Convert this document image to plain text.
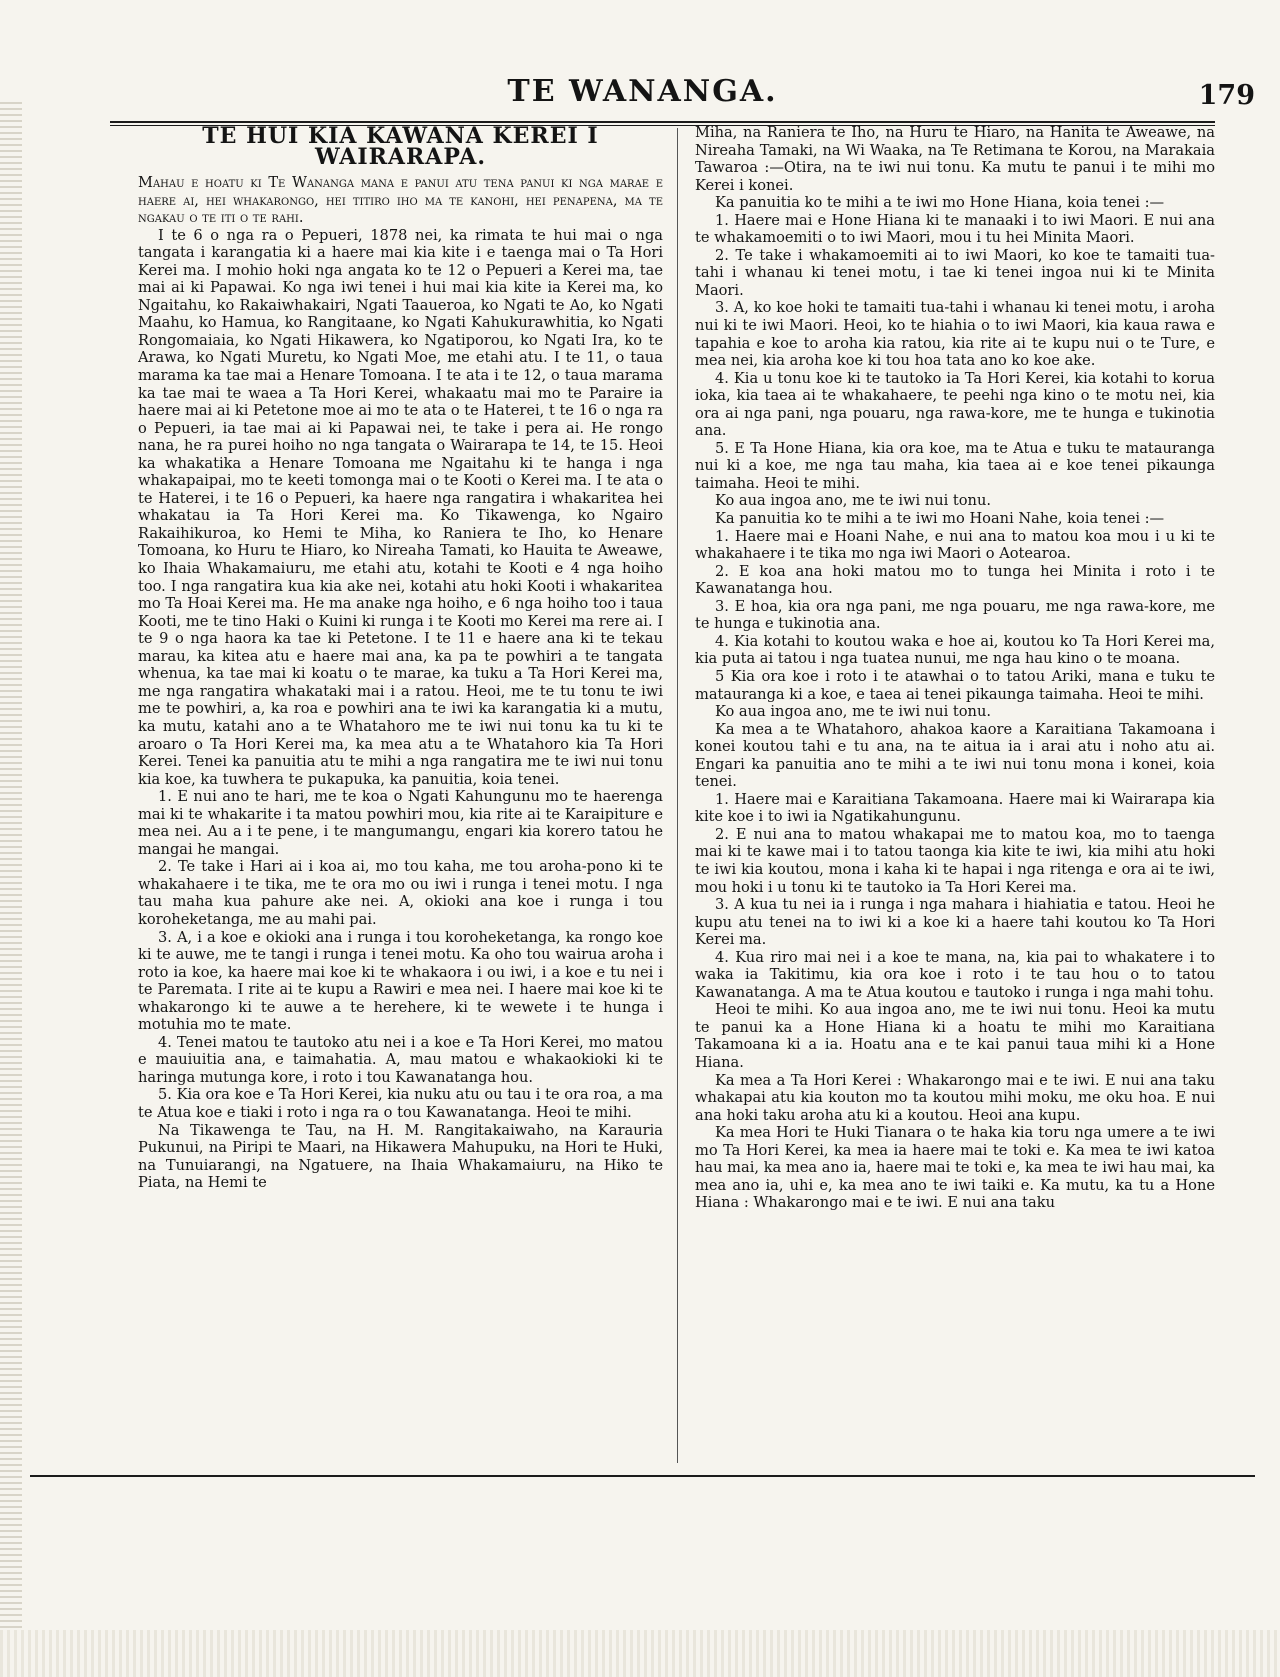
TE WANANGA.	179
TE HUI KIA KAWANA KEREI I WAIRARAPA.

Mahau e hoatu ki Te Wananga mana e panui atu tena panui ki nga marae e haere ai, hei whakarongo, hei titiro iho ma te kanohi, hei penapena, ma te ngakau o te iti o te rahi.

I te 6 o nga ra o Pepueri, 1878 nei, ka rimata te hui mai o nga tangata i karangatia ki a haere mai kia kite i e taenga mai o Ta Hori Kerei ma. I mohio hoki nga angata ko te 12 o Pepueri a Kerei ma, tae mai ai ki Papawai. Ko nga iwi tenei i hui mai kia kite ia Kerei ma, ko Ngaitahu, ko Rakaiwhakairi, Ngati Taaueroa, ko Ngati te Ao, ko Ngati Maahu, ko Hamua, ko Rangitaane, ko Ngati Kahukurawhitia, ko Ngati Rongomaiaia, ko Ngati Hikawera, ko Ngatiporou, ko Ngati Ira, ko te Arawa, ko Ngati Muretu, ko Ngati Moe, me etahi atu. I te 11, o taua marama ka tae mai a Henare Tomoana. I te ata i te 12, o taua marama ka tae mai te waea a Ta Hori Kerei, whakaatu mai mo te Paraire ia haere mai ai ki Petetone moe ai mo te ata o te Haterei, t te 16 o nga ra o Pepueri, ia tae mai ai ki Papawai nei, te take i pera ai. He rongo nana, he ra purei hoiho no nga tangata o Wairarapa te 14, te 15. Heoi ka whakatika a Henare Tomoana me Ngaitahu ki te hanga i nga whakapaipai, mo te keeti tomonga mai o te Kooti o Kerei ma. I te ata o te Haterei, i te 16 o Pepueri, ka haere nga rangatira i whakaritea hei whakatau ia Ta Hori Kerei ma. Ko Tikawenga, ko Ngairo Rakaihikuroa, ko Hemi te Miha, ko Raniera te Iho, ko Henare Tomoana, ko Huru te Hiaro, ko Nireaha Tamati, ko Hauita te Aweawe, ko Ihaia Whakamaiuru, me etahi atu, kotahi te Kooti e 4 nga hoiho too. I nga rangatira kua kia ake nei, kotahi atu hoki Kooti i whakaritea mo Ta Hoai Kerei ma. He ma anake nga hoiho, e 6 nga hoiho too i taua Kooti, me te tino Haki o Kuini ki runga i te Kooti mo Kerei ma rere ai. I te 9 o nga haora ka tae ki Petetone. I te 11 e haere ana ki te tekau marau, ka kitea atu e haere mai ana, ka pa te powhiri a te tangata whenua, ka tae mai ki koatu o te marae, ka tuku a Ta Hori Kerei ma, me nga rangatira whakataki mai i a ratou. Heoi, me te tu tonu te iwi me te powhiri, a, ka roa e powhiri ana te iwi ka karangatia ki a mutu, ka mutu, katahi ano a te Whatahoro me te iwi nui tonu ka tu ki te aroaro o Ta Hori Kerei ma, ka mea atu a te Whatahoro kia Ta Hori Kerei. Tenei ka panuitia atu te mihi a nga rangatira me te iwi nui tonu kia koe, ka tuwhera te pukapuka, ka panuitia, koia tenei.

1. E nui ano te hari, me te koa o Ngati Kahungunu mo te haerenga mai ki te whakarite i ta matou powhiri mou, kia rite ai te Karaipiture e mea nei. Au a i te pene, i te mangumangu, engari kia korero tatou he mangai he mangai.

2. Te take i Hari ai i koa ai, mo tou kaha, me tou aroha-pono ki te whakahaere i te tika, me te ora mo ou iwi i runga i tenei motu. I nga tau maha kua pahure ake nei. A, okioki ana koe i runga i tou koroheketanga, me au mahi pai.

3. A, i a koe e okioki ana i runga i tou koroheketanga, ka rongo koe ki te auwe, me te tangi i runga i tenei motu. Ka oho tou wairua aroha i roto ia koe, ka haere mai koe ki te whakaora i ou iwi, i a koe e tu nei i te Paremata. I rite ai te kupu a Rawiri e mea nei. I haere mai koe ki te whakarongo ki te auwe a te herehere, ki te wewete i te hunga i motuhia mo te mate.

4. Tenei matou te tautoko atu nei i a koe e Ta Hori Kerei, mo matou e mauiuitia ana, e taimahatia. A, mau matou e whakaokioki ki te haringa mutunga kore, i roto i tou Kawanatanga hou.

5. Kia ora koe e Ta Hori Kerei, kia nuku atu ou tau i te ora roa, a ma te Atua koe e tiaki i roto i nga ra o tou Kawanatanga. Heoi te mihi.

Na Tikawenga te Tau, na H. M. Rangitakaiwaho, na Karauria Pukunui, na Piripi te Maari, na Hikawera Mahupuku, na Hori te Huki, na Tunuiarangi, na Ngatuere, na Ihaia Whakamaiuru, na Hiko te Piata, na Hemi te

Miha, na Raniera te Iho, na Huru te Hiaro, na Hanita te Aweawe, na Nireaha Tamaki, na Wi Waaka, na Te Retimana te Korou, na Marakaia Tawaroa :—Otira, na te iwi nui tonu. Ka mutu te panui i te mihi mo Kerei i konei.

Ka panuitia ko te mihi a te iwi mo Hone Hiana, koia tenei :—

1. Haere mai e Hone Hiana ki te manaaki i to iwi Maori. E nui ana te whakamoemiti o to iwi Maori, mou i tu hei Minita Maori.

2. Te take i whakamoemiti ai to iwi Maori, ko koe te tamaiti tua-tahi i whanau ki tenei motu, i tae ki tenei ingoa nui ki te Minita Maori.

3. A, ko koe hoki te tamaiti tua-tahi i whanau ki tenei motu, i aroha nui ki te iwi Maori. Heoi, ko te hiahia o to iwi Maori, kia kaua rawa e tapahia e koe to aroha kia ratou, kia rite ai te kupu nui o te Ture, e mea nei, kia aroha koe ki tou hoa tata ano ko koe ake.

4. Kia u tonu koe ki te tautoko ia Ta Hori Kerei, kia kotahi to korua ioka, kia taea ai te whakahaere, te peehi nga kino o te motu nei, kia ora ai nga pani, nga pouaru, nga rawa-kore, me te hunga e tukinotia ana.

5. E Ta Hone Hiana, kia ora koe, ma te Atua e tuku te matauranga nui ki a koe, me nga tau maha, kia taea ai e koe tenei pikaunga taimaha. Heoi te mihi.

Ko aua ingoa ano, me te iwi nui tonu.

Ka panuitia ko te mihi a te iwi mo Hoani Nahe, koia tenei :—

1. Haere mai e Hoani Nahe, e nui ana to matou koa mou i u ki te whakahaere i te tika mo nga iwi Maori o Aotearoa.

2. E koa ana hoki matou mo to tunga hei Minita i roto i te Kawanatanga hou.

3. E hoa, kia ora nga pani, me nga pouaru, me nga rawa-kore, me te hunga e tukinotia ana.

4. Kia kotahi to koutou waka e hoe ai, koutou ko Ta Hori Kerei ma, kia puta ai tatou i nga tuatea nunui, me nga hau kino o te moana.

5 Kia ora koe i roto i te atawhai o to tatou Ariki, mana e tuku te matauranga ki a koe, e taea ai tenei pikaunga taimaha. Heoi te mihi.

Ko aua ingoa ano, me te iwi nui tonu.

Ka mea a te Whatahoro, ahakoa kaore a Karaitiana Takamoana i konei koutou tahi e tu ana, na te aitua ia i arai atu i noho atu ai. Engari ka panuitia ano te mihi a te iwi nui tonu mona i konei, koia tenei.

1. Haere mai e Karaitiana Takamoana. Haere mai ki Wairarapa kia kite koe i to iwi ia Ngatikahungunu.

2. E nui ana to matou whakapai me to matou koa, mo to taenga mai ki te kawe mai i to tatou taonga kia kite te iwi, kia mihi atu hoki te iwi kia koutou, mona i kaha ki te hapai i nga ritenga e ora ai te iwi, mou hoki i u tonu ki te tautoko ia Ta Hori Kerei ma.

3. A kua tu nei ia i runga i nga mahara i hiahiatia e tatou. Heoi he kupu atu tenei na to iwi ki a koe ki a haere tahi koutou ko Ta Hori Kerei ma.

4. Kua riro mai nei i a koe te mana, na, kia pai to whakatere i to waka ia Takitimu, kia ora koe i roto i te tau hou o to tatou Kawanatanga. A ma te Atua koutou e tautoko i runga i nga mahi tohu.

Heoi te mihi. Ko aua ingoa ano, me te iwi nui tonu. Heoi ka mutu te panui ka a Hone Hiana ki a hoatu te mihi mo Karaitiana Takamoana ki a ia. Hoatu ana e te kai panui taua mihi ki a Hone Hiana.

Ka mea a Ta Hori Kerei : Whakarongo mai e te iwi. E nui ana taku whakapai atu kia kouton mo ta koutou mihi moku, me oku hoa. E nui ana hoki taku aroha atu ki a koutou. Heoi ana kupu.

Ka mea Hori te Huki Tianara o te haka kia toru nga umere a te iwi mo Ta Hori Kerei, ka mea ia haere mai te toki e. Ka mea te iwi katoa hau mai, ka mea ano ia, haere mai te toki e, ka mea te iwi hau mai, ka mea ano ia, uhi e, ka mea ano te iwi taiki e. Ka mutu, ka tu a Hone Hiana : Whakarongo mai e te iwi. E nui ana taku
